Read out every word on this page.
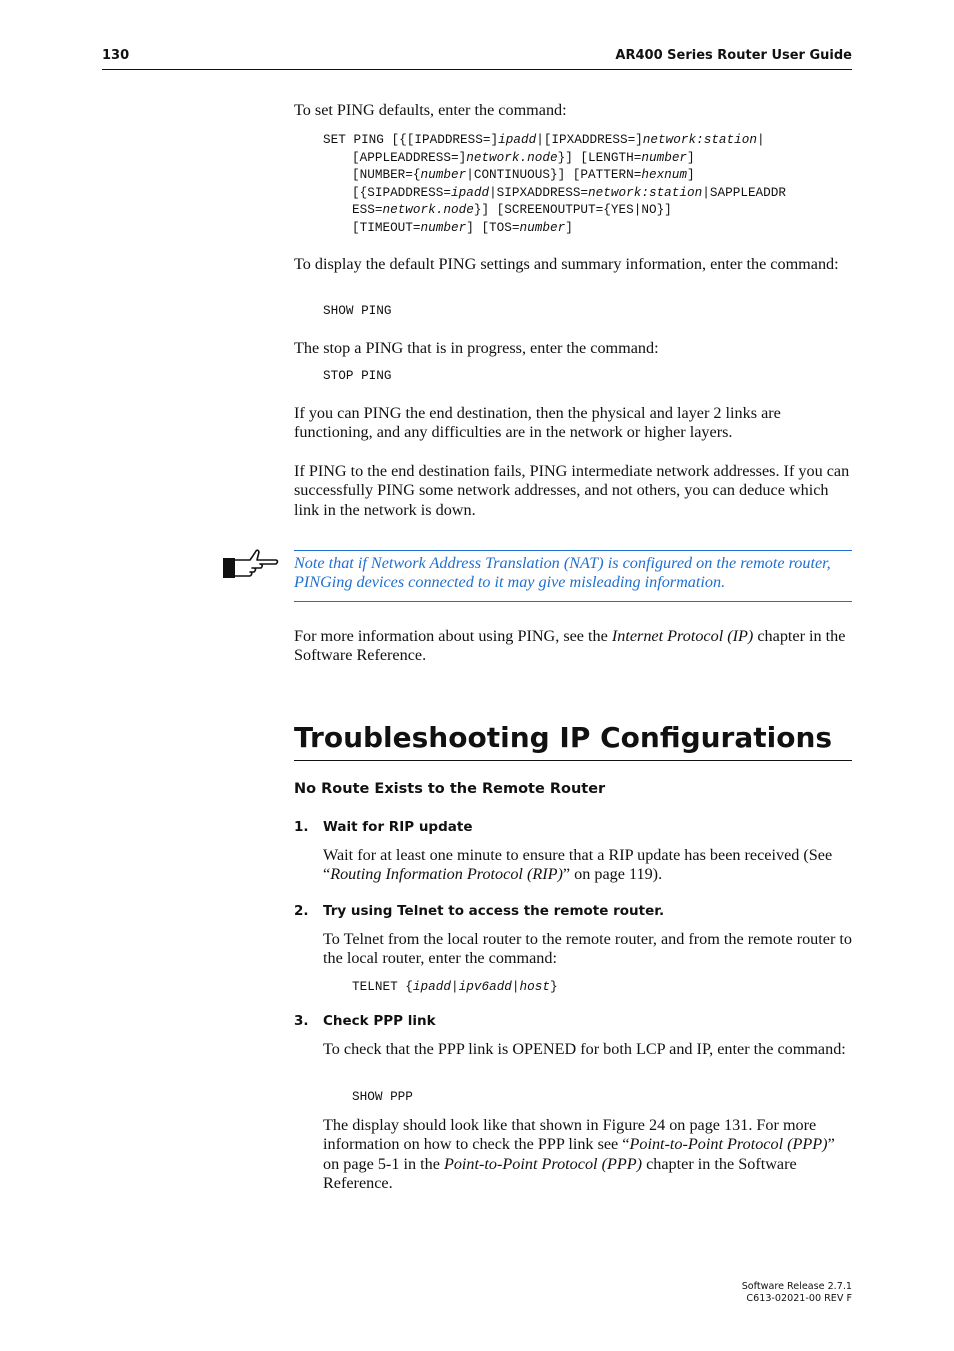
130	AR400 Series Router User Guide
To set PING defaults, enter the command:
SET PING [{[IPADDRESS=]ipadd|[IPXADDRESS=]network:station|
[APPLEADDRESS=]network.node}] [LENGTH=number]
[NUMBER={number|CONTINUOUS}] [PATTERN=hexnum]
[{SIPADDRESS=ipadd|SIPXADDRESS=network:station|SAPPLEADDR
ESS=network.node}] [SCREENOUTPUT={YES|NO}]
[TIMEOUT=number] [TOS=number]
To display the default PING settings and summary information, enter the command:
SHOW PING
The stop a PING that is in progress, enter the command:
STOP PING
If you can PING the end destination, then the physical and layer 2 links are functioning, and any difficulties are in the network or higher layers.
If PING to the end destination fails, PING intermediate network addresses. If you can successfully PING some network addresses, and not others, you can deduce which link in the network is down.
Note that if Network Address Translation (NAT) is configured on the remote router, PINGing devices connected to it may give misleading information.
For more information about using PING, see the Internet Protocol (IP) chapter in the Software Reference.
Troubleshooting IP Configurations
No Route Exists to the Remote Router
1. Wait for RIP update
Wait for at least one minute to ensure that a RIP update has been received (See “Routing Information Protocol (RIP)” on page 119).
2. Try using Telnet to access the remote router.
To Telnet from the local router to the remote router, and from the remote router to the local router, enter the command:
TELNET {ipadd|ipv6add|host}
3. Check PPP link
To check that the PPP link is OPENED for both LCP and IP, enter the command:
SHOW PPP
The display should look like that shown in Figure 24 on page 131. For more information on how to check the PPP link see “Point-to-Point Protocol (PPP)” on page 5-1 in the Point-to-Point Protocol (PPP) chapter in the Software Reference.
Software Release 2.7.1
C613-02021-00 REV F
